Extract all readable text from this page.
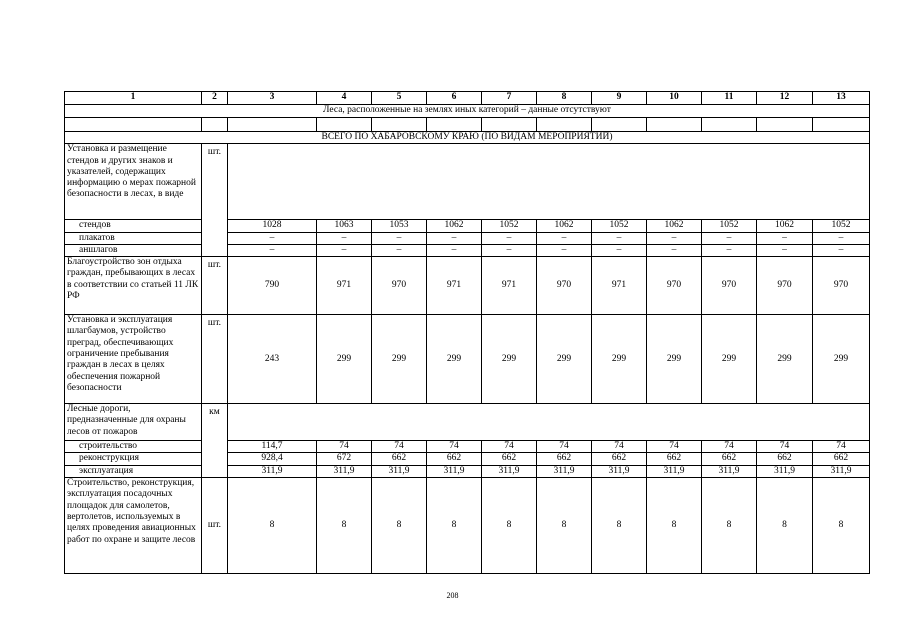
1	2	3	4	5	6	7	8	9	10	11	12	13
Леса, расположенные на землях иных категорий – данные отсутствуют												

ВСЕГО ПО ХАБАРОВСКОМУ КРАЮ (ПО ВИДАМ МЕРОПРИЯТИЙ)												
Установка и размещение стендов и других знаков и указателей, содержащих информацию о мерах пожарной безопасности в лесах, в виде	шт.											
стендов		1028	1063	1053	1062	1052	1062	1052	1062	1052	1062	1052
плакатов		–	–	–	–	–	–	–	–	–	–	–
аншлагов		–	–	–	–	–	–	–	–	–	–	–
Благоустройство зон отдыха граждан, пребывающих в лесах в соответствии со статьей 11 ЛК РФ	шт.	790	971	970	971	971	970	971	970	970	970	970
Установка и эксплуатация шлагбаумов, устройство преград, обеспечивающих ограничение пребывания граждан в лесах в целях обеспечения пожарной безопасности	шт.	243	299	299	299	299	299	299	299	299	299	299
Лесные дороги, предназначенные для охраны лесов от пожаров	км											
строительство		114,7	74	74	74	74	74	74	74	74	74	74
реконструкция		928,4	672	662	662	662	662	662	662	662	662	662
эксплуатация		311,9	311,9	311,9	311,9	311,9	311,9	311,9	311,9	311,9	311,9	311,9
Строительство, реконструкция, эксплуатация посадочных площадок для самолетов, вертолетов, используемых в целях проведения авиационных работ по охране и защите лесов	шт.	8	8	8	8	8	8	8	8	8	8	8
208
